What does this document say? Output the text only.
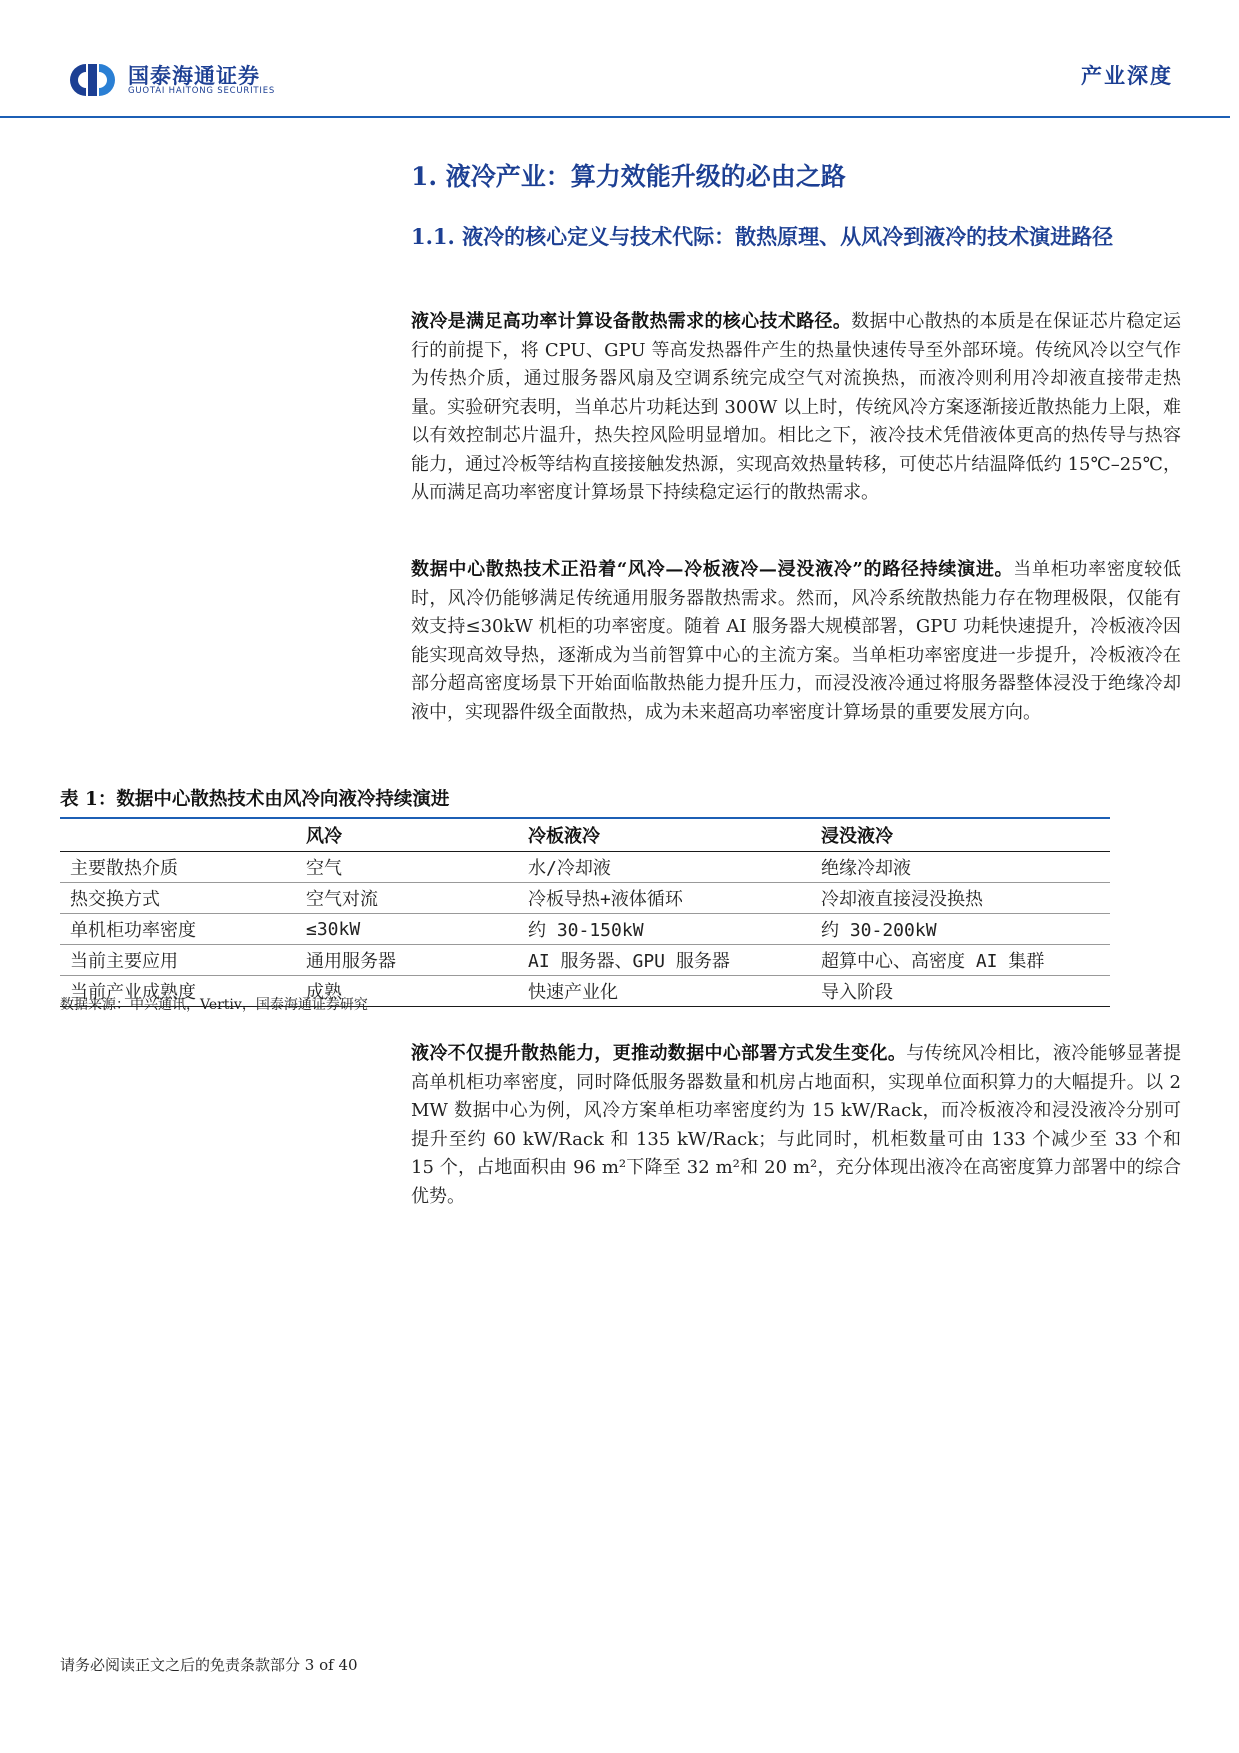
国泰海通证券
GUOTAI HAITONG SECURITIES
产业深度
1. 液冷产业：算力效能升级的必由之路
1.1. 液冷的核心定义与技术代际：散热原理、从风冷到液冷的技术演进路径
液冷是满足高功率计算设备散热需求的核心技术路径。数据中心散热的本质是在保证芯片稳定运行的前提下，将 CPU、GPU 等高发热器件产生的热量快速传导至外部环境。传统风冷以空气作为传热介质，通过服务器风扇及空调系统完成空气对流换热，而液冷则利用冷却液直接带走热量。实验研究表明，当单芯片功耗达到 300W 以上时，传统风冷方案逐渐接近散热能力上限，难以有效控制芯片温升，热失控风险明显增加。相比之下，液冷技术凭借液体更高的热传导与热容能力，通过冷板等结构直接接触发热源，实现高效热量转移，可使芯片结温降低约 15℃–25℃，从而满足高功率密度计算场景下持续稳定运行的散热需求。
数据中心散热技术正沿着“风冷—冷板液冷—浸没液冷”的路径持续演进。当单柜功率密度较低时，风冷仍能够满足传统通用服务器散热需求。然而，风冷系统散热能力存在物理极限，仅能有效支持≤30kW 机柜的功率密度。随着 AI 服务器大规模部署，GPU 功耗快速提升，冷板液冷因能实现高效导热，逐渐成为当前智算中心的主流方案。当单柜功率密度进一步提升，冷板液冷在部分超高密度场景下开始面临散热能力提升压力，而浸没液冷通过将服务器整体浸没于绝缘冷却液中，实现器件级全面散热，成为未来超高功率密度计算场景的重要发展方向。
表 1：数据中心散热技术由风冷向液冷持续演进
	风冷	冷板液冷	浸没液冷
主要散热介质	空气	水/冷却液	绝缘冷却液
热交换方式	空气对流	冷板导热+液体循环	冷却液直接浸没换热
单机柜功率密度	≤30kW	约 30-150kW	约 30-200kW
当前主要应用	通用服务器	AI 服务器、GPU 服务器	超算中心、高密度 AI 集群
当前产业成熟度	成熟	快速产业化	导入阶段
数据来源：中兴通讯，Vertiv，国泰海通证券研究
液冷不仅提升散热能力，更推动数据中心部署方式发生变化。与传统风冷相比，液冷能够显著提高单机柜功率密度，同时降低服务器数量和机房占地面积，实现单位面积算力的大幅提升。以 2 MW 数据中心为例，风冷方案单柜功率密度约为 15 kW/Rack，而冷板液冷和浸没液冷分别可提升至约 60 kW/Rack 和 135 kW/Rack；与此同时，机柜数量可由 133 个减少至 33 个和 15 个，占地面积由 96 m²下降至 32 m²和 20 m²，充分体现出液冷在高密度算力部署中的综合优势。
请务必阅读正文之后的免责条款部分 3 of 40
